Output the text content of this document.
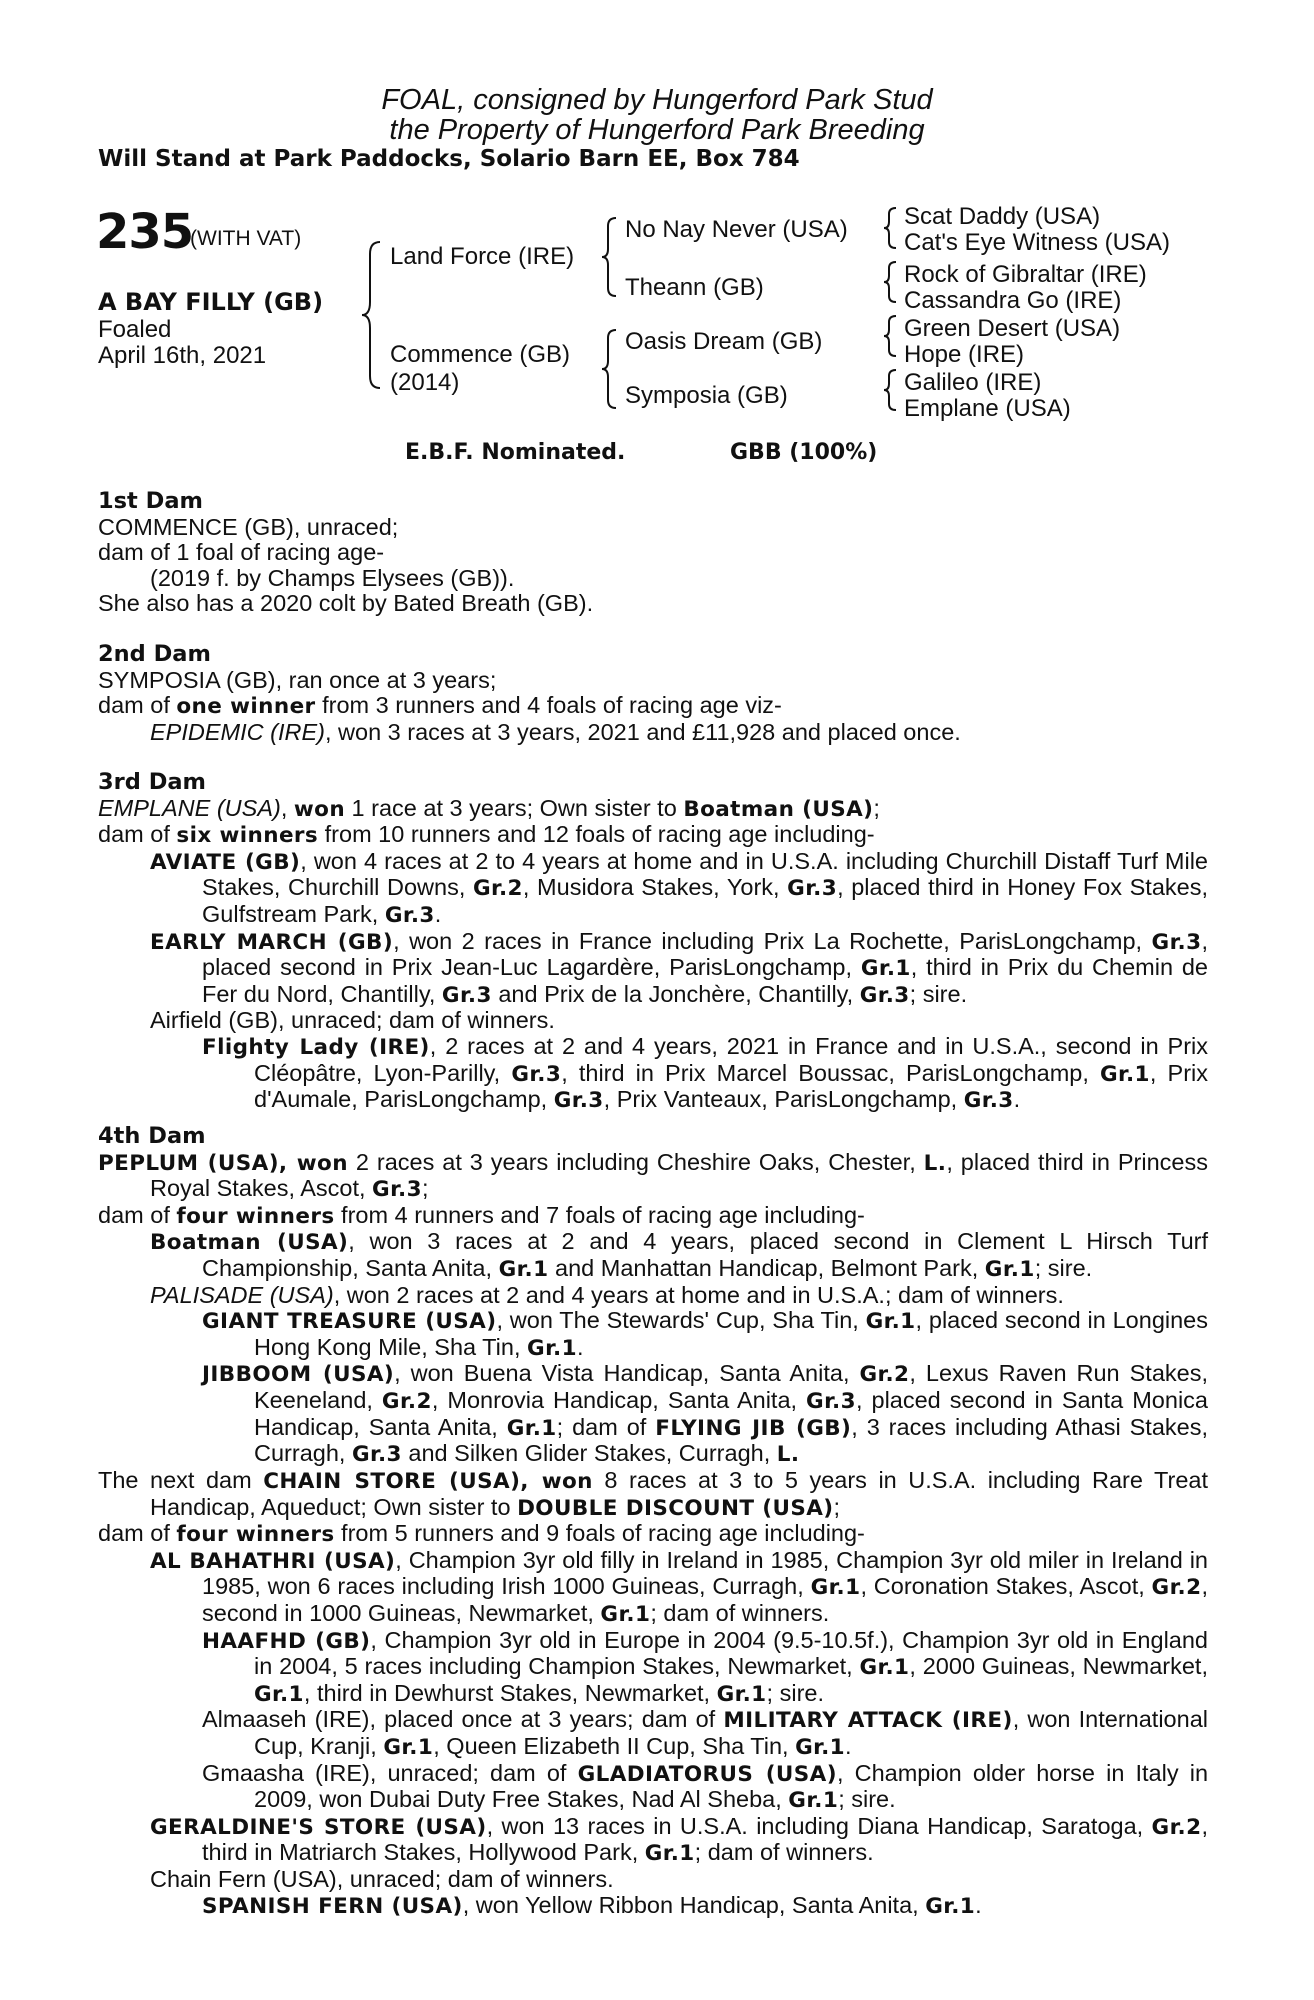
FOAL, consigned by Hungerford Park Stud
the Property of Hungerford Park Breeding
Will Stand at Park Paddocks, Solario Barn EE, Box 784
235
(WITH VAT)
A BAY FILLY (GB)
Foaled
April 16th, 2021
Land Force (IRE)
Commence (GB)
(2014)
No Nay Never (USA)
Theann (GB)
Oasis Dream (GB)
Symposia (GB)
Scat Daddy (USA)
Cat's Eye Witness (USA)
Rock of Gibraltar (IRE)
Cassandra Go (IRE)
Green Desert (USA)
Hope (IRE)
Galileo (IRE)
Emplane (USA)
E.B.F. Nominated.	GBB (100%)
1st Dam
COMMENCE (GB), unraced;
dam of 1 foal of racing age-
(2019 f. by Champs Elysees (GB)).
She also has a 2020 colt by Bated Breath (GB).
2nd Dam
SYMPOSIA (GB), ran once at 3 years;
dam of one winner from 3 runners and 4 foals of racing age viz-
EPIDEMIC (IRE), won 3 races at 3 years, 2021 and £11,928 and placed once.
3rd Dam
EMPLANE (USA), won 1 race at 3 years; Own sister to Boatman (USA);
dam of six winners from 10 runners and 12 foals of racing age including-
AVIATE (GB), won 4 races at 2 to 4 years at home and in U.S.A. including Churchill Distaff Turf Mile Stakes, Churchill Downs, Gr.2, Musidora Stakes, York, Gr.3, placed third in Honey Fox Stakes, Gulfstream Park, Gr.3.
EARLY MARCH (GB), won 2 races in France including Prix La Rochette, ParisLongchamp, Gr.3, placed second in Prix Jean-Luc Lagardère, ParisLongchamp, Gr.1, third in Prix du Chemin de Fer du Nord, Chantilly, Gr.3 and Prix de la Jonchère, Chantilly, Gr.3; sire.
Airfield (GB), unraced; dam of winners.
Flighty Lady (IRE), 2 races at 2 and 4 years, 2021 in France and in U.S.A., second in Prix Cléopâtre, Lyon-Parilly, Gr.3, third in Prix Marcel Boussac, ParisLongchamp, Gr.1, Prix d'Aumale, ParisLongchamp, Gr.3, Prix Vanteaux, ParisLongchamp, Gr.3.
4th Dam
PEPLUM (USA), won 2 races at 3 years including Cheshire Oaks, Chester, L., placed third in Princess Royal Stakes, Ascot, Gr.3;
dam of four winners from 4 runners and 7 foals of racing age including-
Boatman (USA), won 3 races at 2 and 4 years, placed second in Clement L Hirsch Turf Championship, Santa Anita, Gr.1 and Manhattan Handicap, Belmont Park, Gr.1; sire.
PALISADE (USA), won 2 races at 2 and 4 years at home and in U.S.A.; dam of winners.
GIANT TREASURE (USA), won The Stewards' Cup, Sha Tin, Gr.1, placed second in Longines Hong Kong Mile, Sha Tin, Gr.1.
JIBBOOM (USA), won Buena Vista Handicap, Santa Anita, Gr.2, Lexus Raven Run Stakes, Keeneland, Gr.2, Monrovia Handicap, Santa Anita, Gr.3, placed second in Santa Monica Handicap, Santa Anita, Gr.1; dam of FLYING JIB (GB), 3 races including Athasi Stakes, Curragh, Gr.3 and Silken Glider Stakes, Curragh, L.
The next dam CHAIN STORE (USA), won 8 races at 3 to 5 years in U.S.A. including Rare Treat Handicap, Aqueduct; Own sister to DOUBLE DISCOUNT (USA);
dam of four winners from 5 runners and 9 foals of racing age including-
AL BAHATHRI (USA), Champion 3yr old filly in Ireland in 1985, Champion 3yr old miler in Ireland in 1985, won 6 races including Irish 1000 Guineas, Curragh, Gr.1, Coronation Stakes, Ascot, Gr.2, second in 1000 Guineas, Newmarket, Gr.1; dam of winners.
HAAFHD (GB), Champion 3yr old in Europe in 2004 (9.5-10.5f.), Champion 3yr old in England in 2004, 5 races including Champion Stakes, Newmarket, Gr.1, 2000 Guineas, Newmarket, Gr.1, third in Dewhurst Stakes, Newmarket, Gr.1; sire.
Almaaseh (IRE), placed once at 3 years; dam of MILITARY ATTACK (IRE), won International Cup, Kranji, Gr.1, Queen Elizabeth II Cup, Sha Tin, Gr.1.
Gmaasha (IRE), unraced; dam of GLADIATORUS (USA), Champion older horse in Italy in 2009, won Dubai Duty Free Stakes, Nad Al Sheba, Gr.1; sire.
GERALDINE'S STORE (USA), won 13 races in U.S.A. including Diana Handicap, Saratoga, Gr.2, third in Matriarch Stakes, Hollywood Park, Gr.1; dam of winners.
Chain Fern (USA), unraced; dam of winners.
SPANISH FERN (USA), won Yellow Ribbon Handicap, Santa Anita, Gr.1.
